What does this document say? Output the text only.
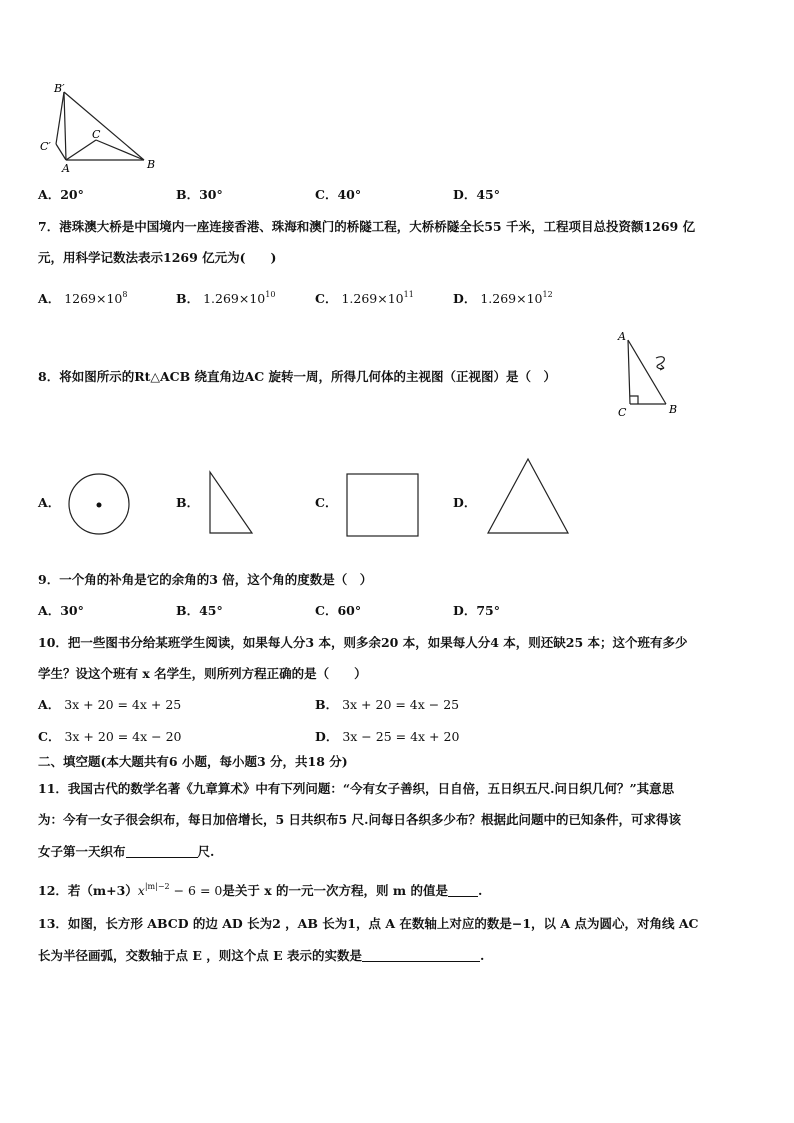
B′
C′
A
C
B
A．20°	B．30°	C．40°	D．45°
7．港珠澳大桥是中国境内一座连接香港、珠海和澳门的桥隧工程，大桥桥隧全长55 千米，工程项目总投资额1269 亿
元，用科学记数法表示1269 亿元为(　　)
A． $1269\times 10^8$	B． $1.269\times 10^{10}$	C． $1.269\times 10^{11}$	D． $1.269\times 10^{12}$
8．将如图所示的Rt△ACB 绕直角边AC 旋转一周，所得几何体的主视图（正视图）是（　）
A
C	B
A．	B．	C．	D．
9．一个角的补角是它的余角的3 倍，这个角的度数是（　）
A．30°	B．45°	C．60°	D．75°
10．把一些图书分给某班学生阅读，如果每人分3 本，则多余20 本，如果每人分4 本，则还缺25 本；这个班有多少
学生？设这个班有 x 名学生，则所列方程正确的是（　　）
A． 3x + 20 = 4x + 25	B． 3x + 20 = 4x − 25
C． 3x + 20 = 4x − 20	D． 3x − 25 = 4x + 20
二、填空题(本大题共有6 小题，每小题3 分，共18 分)
11．我国古代的数学名著《九章算术》中有下列问题：“今有女子善织，日自倍，五日织五尺.问日织几何？”其意思
为：今有一女子很会织布，每日加倍增长，5 日共织布5 尺.问每日各织多少布？根据此问题中的已知条件，可求得该
女子第一天织布	尺.
12．若$(m+3)x^{|m|-2} - 6 = 0$是关于 x 的一元一次方程，则 m 的值是 .
13．如图，长方形 ABCD 的边 AD 长为2 ，AB 长为1，点 A 在数轴上对应的数是−1，以 A 点为圆心，对角线 AC
长为半径画弧，交数轴于点 E ，则这个点 E 表示的实数是	.
